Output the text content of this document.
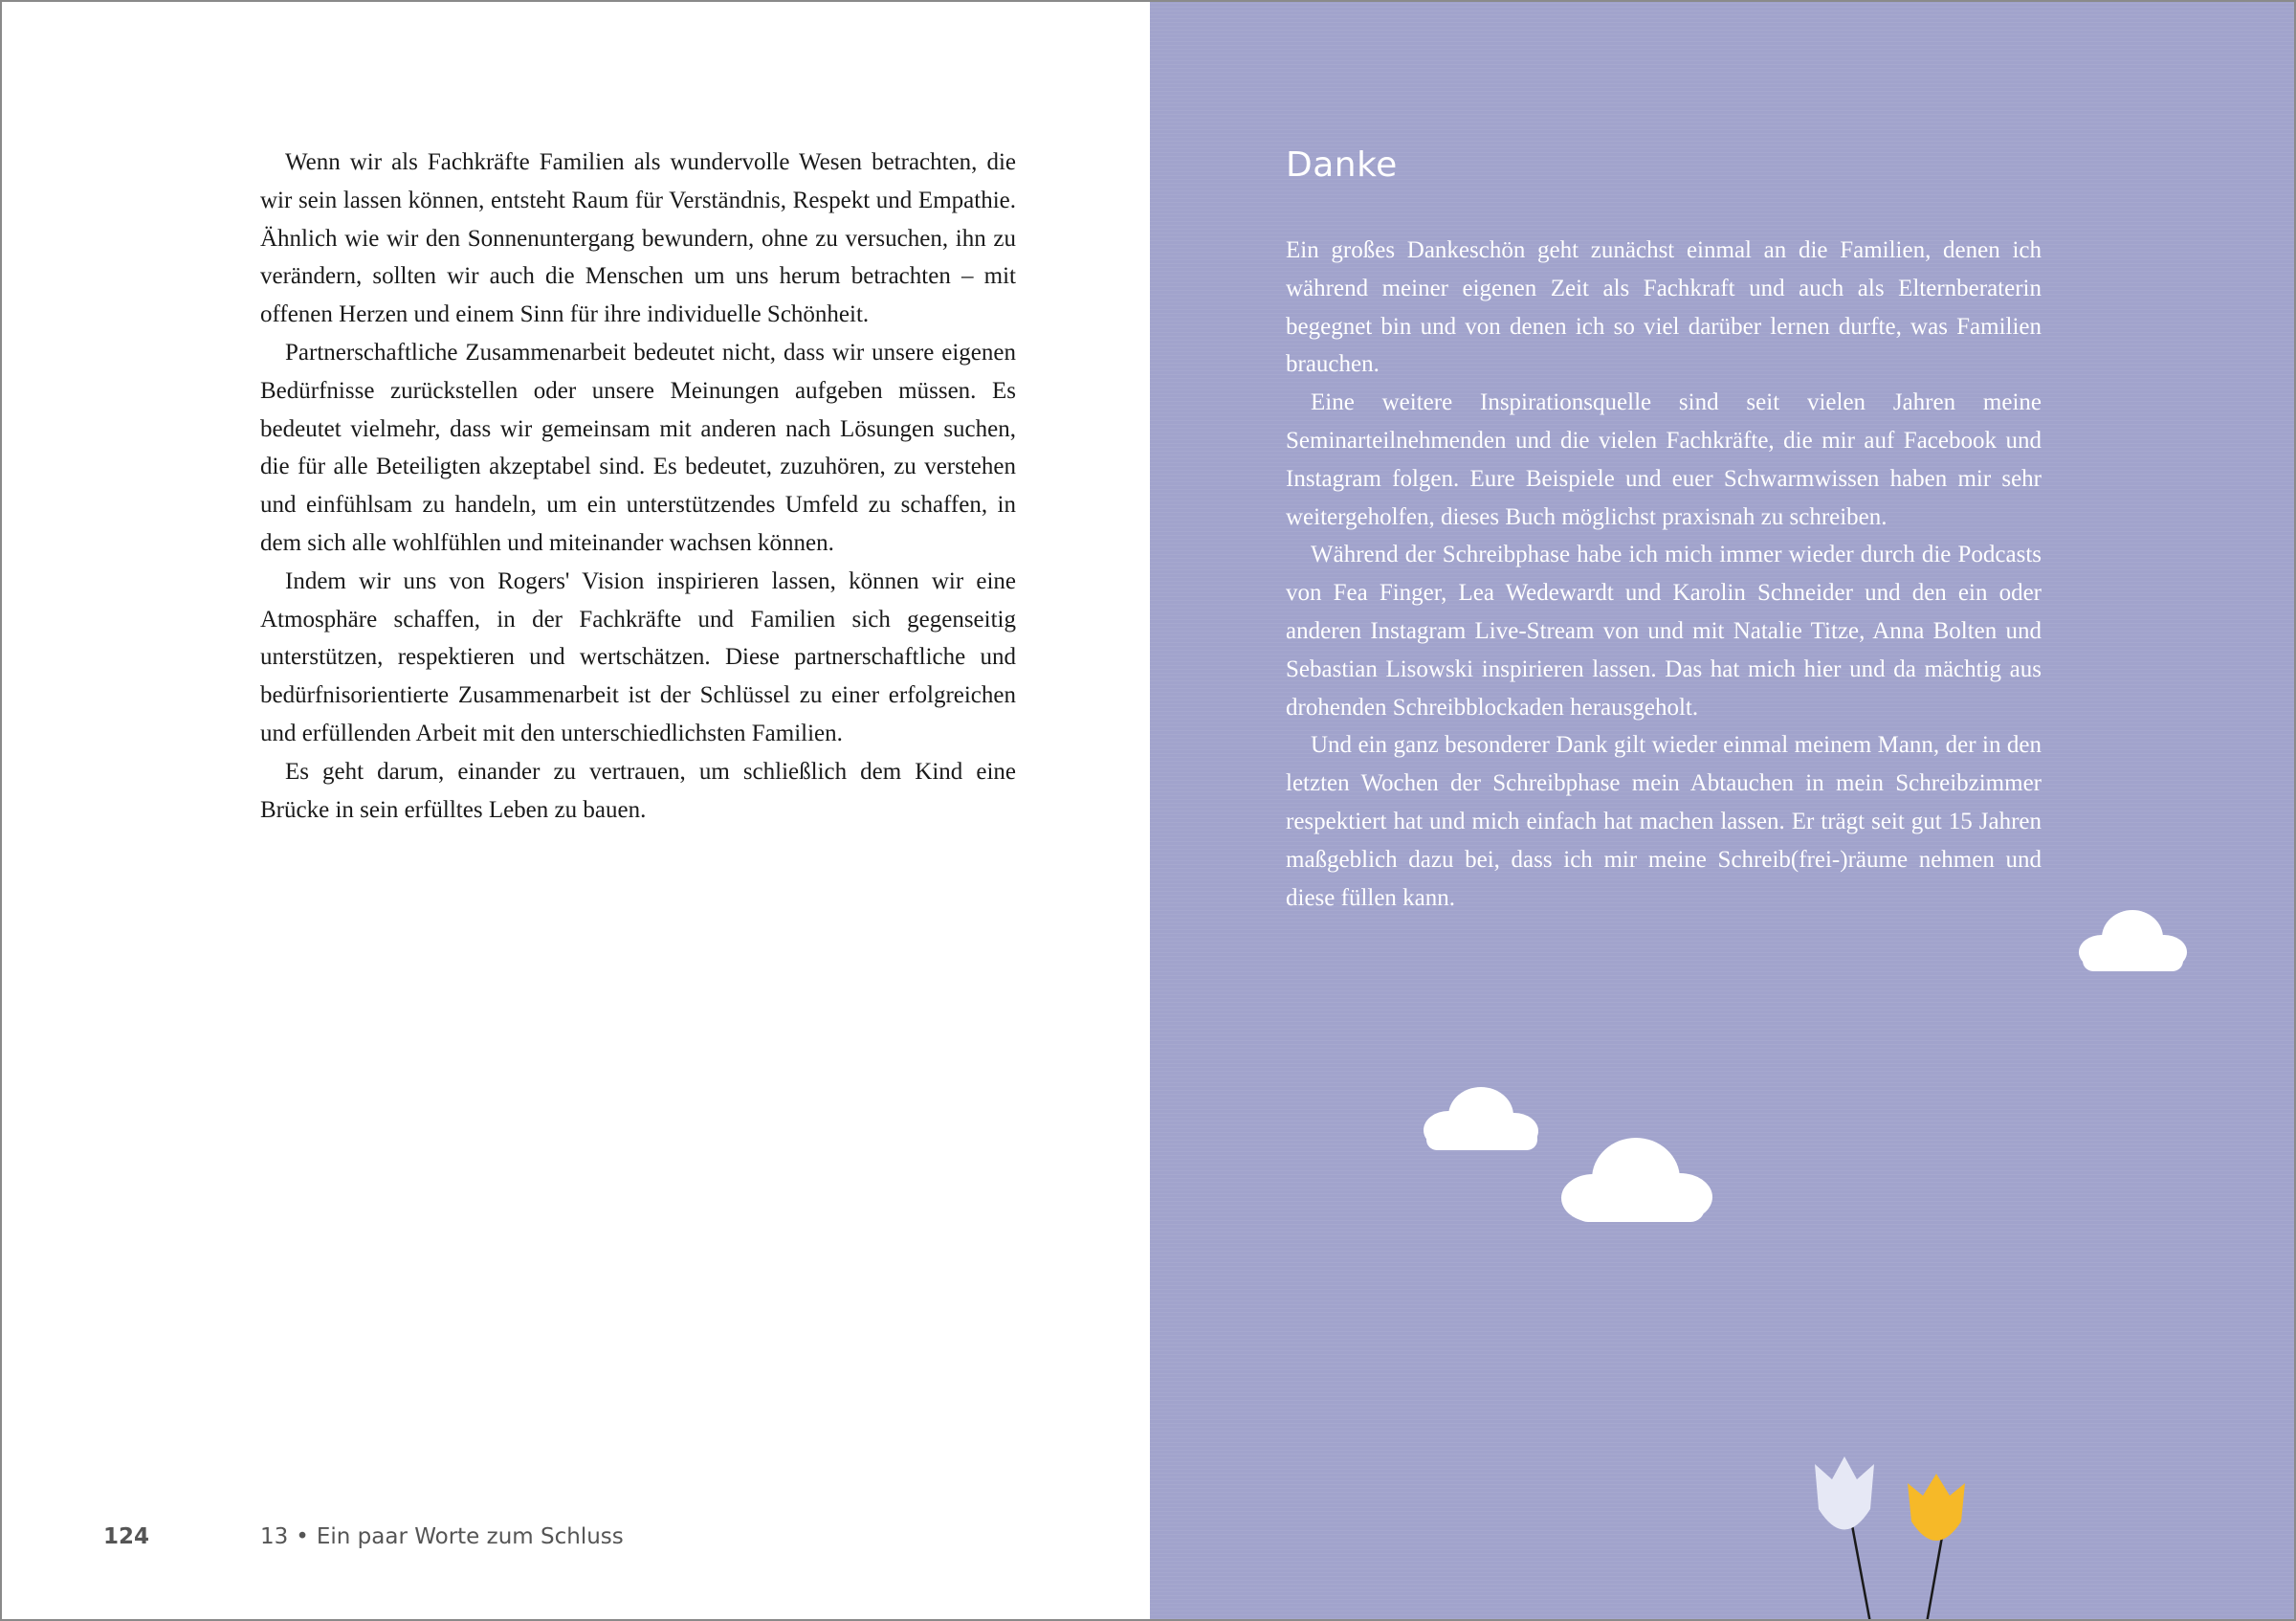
Wenn wir als Fachkräfte Familien als wundervolle Wesen betrachten, die wir sein lassen können, entsteht Raum für Verständnis, Respekt und Empathie. Ähnlich wie wir den Sonnenuntergang bewundern, ohne zu versuchen, ihn zu verändern, sollten wir auch die Menschen um uns herum betrachten – mit offenen Herzen und einem Sinn für ihre individuelle Schönheit.

Partnerschaftliche Zusammenarbeit bedeutet nicht, dass wir unsere eigenen Bedürfnisse zurückstellen oder unsere Meinungen aufgeben müssen. Es bedeutet vielmehr, dass wir gemeinsam mit anderen nach Lösungen suchen, die für alle Beteiligten akzeptabel sind. Es bedeutet, zuzuhören, zu verstehen und einfühlsam zu handeln, um ein unterstützendes Umfeld zu schaffen, in dem sich alle wohlfühlen und miteinander wachsen können.

Indem wir uns von Rogers' Vision inspirieren lassen, können wir eine Atmosphäre schaffen, in der Fachkräfte und Familien sich gegenseitig unterstützen, respektieren und wertschätzen. Diese partnerschaftliche und bedürfnisorientierte Zusammenarbeit ist der Schlüssel zu einer erfolgreichen und erfüllenden Arbeit mit den unterschiedlichsten Familien.

Es geht darum, einander zu vertrauen, um schließlich dem Kind eine Brücke in sein erfülltes Leben zu bauen.

124	13 • Ein paar Worte zum Schluss
Danke

Ein großes Dankeschön geht zunächst einmal an die Familien, denen ich während meiner eigenen Zeit als Fachkraft und auch als Elternberaterin begegnet bin und von denen ich so viel darüber lernen durfte, was Familien brauchen.

Eine weitere Inspirationsquelle sind seit vielen Jahren meine Seminarteilnehmenden und die vielen Fachkräfte, die mir auf Facebook und Instagram folgen. Eure Beispiele und euer Schwarmwissen haben mir sehr weitergeholfen, dieses Buch möglichst praxisnah zu schreiben.

Während der Schreibphase habe ich mich immer wieder durch die Podcasts von Fea Finger, Lea Wedewardt und Karolin Schneider und den ein oder anderen Instagram Live-Stream von und mit Natalie Titze, Anna Bolten und Sebastian Lisowski inspirieren lassen. Das hat mich hier und da mächtig aus drohenden Schreibblockaden herausgeholt.

Und ein ganz besonderer Dank gilt wieder einmal meinem Mann, der in den letzten Wochen der Schreibphase mein Abtauchen in mein Schreibzimmer respektiert hat und mich einfach hat machen lassen. Er trägt seit gut 15 Jahren maßgeblich dazu bei, dass ich mir meine Schreib(frei-)räume nehmen und diese füllen kann.
